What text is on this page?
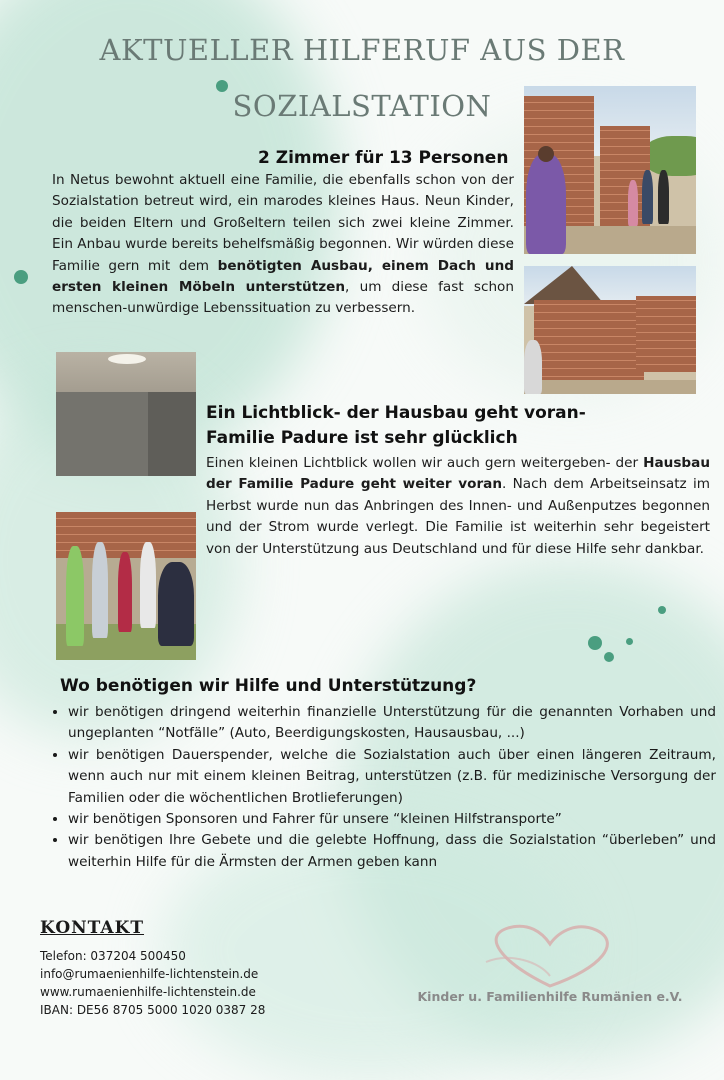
AKTUELLER HILFERUF AUS DER SOZIALSTATION
2 Zimmer für 13 Personen

In Netus bewohnt aktuell eine Familie, die ebenfalls schon von der Sozialstation betreut wird, ein marodes kleines Haus. Neun Kinder, die beiden Eltern und Großeltern teilen sich zwei kleine Zimmer. Ein Anbau wurde bereits behelfsmäßig begonnen. Wir würden diese Familie gern mit dem benötigten Ausbau, einem Dach und ersten kleinen Möbeln unterstützen, um diese fast schon menschen-unwürdige Lebenssituation zu verbessern.

Ein Lichtblick- der Hausbau geht voran-
Familie Padure ist sehr glücklich

Einen kleinen Lichtblick wollen wir auch gern weitergeben- der Hausbau der Familie Padure geht weiter voran. Nach dem Arbeitseinsatz im Herbst wurde nun das Anbringen des Innen- und Außenputzes begonnen und der Strom wurde verlegt. Die Familie ist weiterhin sehr begeistert von der Unterstützung aus Deutschland und für diese Hilfe sehr dankbar.

Wo benötigen wir Hilfe und Unterstützung?
• wir benötigen dringend weiterhin finanzielle Unterstützung für die genannten Vorhaben und ungeplanten “Notfälle” (Auto, Beerdigungskosten, Hausausbau, ...)
• wir benötigen Dauerspender, welche die Sozialstation auch über einen längeren Zeitraum, wenn auch nur mit einem kleinen Beitrag, unterstützen (z.B. für medizinische Versorgung der Familien oder die wöchentlichen Brotlieferungen)
• wir benötigen Sponsoren und Fahrer für unsere “kleinen Hilfstransporte”
• wir benötigen Ihre Gebete und die gelebte Hoffnung, dass die Sozialstation “überleben” und weiterhin Hilfe für die Ärmsten der Armen geben kann
KONTAKT

Telefon: 037204 500450

info@rumaenienhilfe-lichtenstein.de

www.rumaenienhilfe-lichtenstein.de

IBAN: DE56 8705 5000 1020 0387 28

Kinder u. Familienhilfe Rumänien e.V.
